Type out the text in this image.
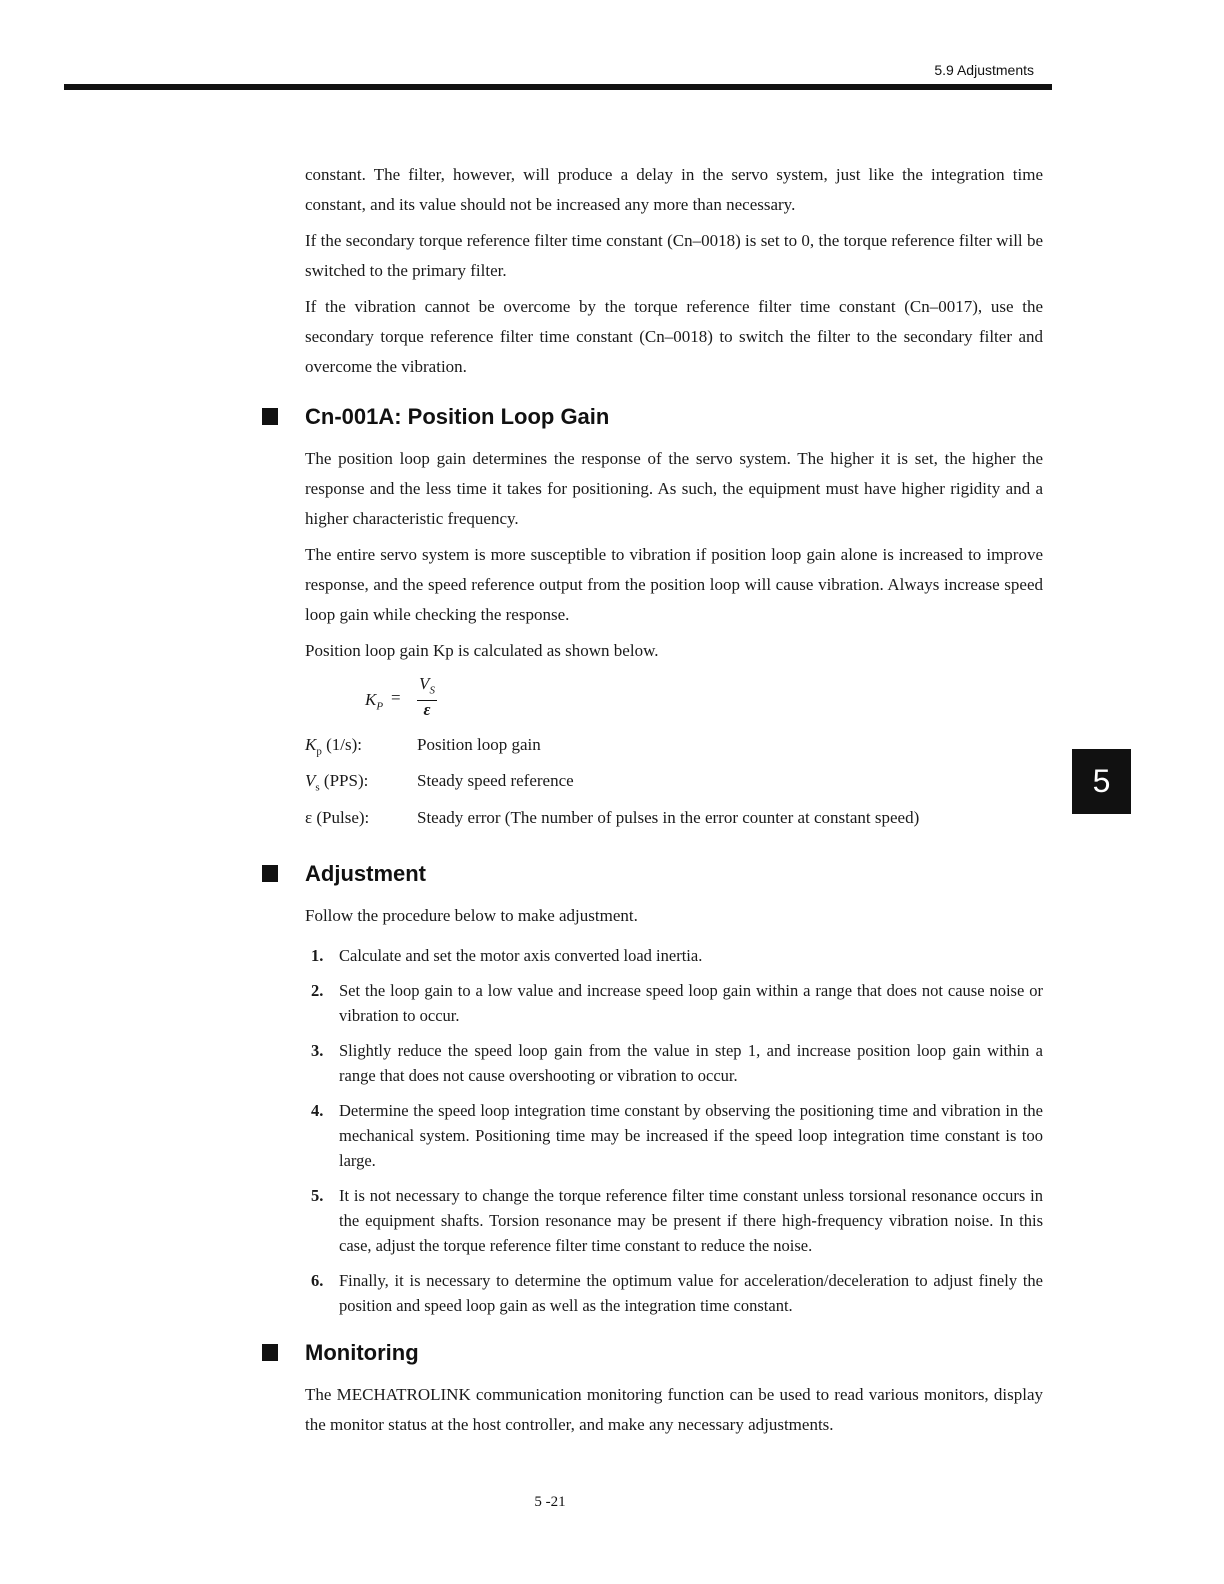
5.9 Adjustments
5

constant. The filter, however, will produce a delay in the servo system, just like the integration time constant, and its value should not be increased any more than necessary.

If the secondary torque reference filter time constant (Cn–0018) is set to 0, the torque reference filter will be switched to the primary filter.

If the vibration cannot be overcome by the torque reference filter time constant (Cn–0017), use the secondary torque reference filter time constant (Cn–0018) to switch the filter to the secondary filter and overcome the vibration.

Cn-001A: Position Loop Gain

The position loop gain determines the response of the servo system. The higher it is set, the higher the response and the less time it takes for positioning. As such, the equipment must have higher rigidity and a higher characteristic frequency.

The entire servo system is more susceptible to vibration if position loop gain alone is increased to improve response, and the speed reference output from the position loop will cause vibration. Always increase speed loop gain while checking the response.

Position loop gain Kp is calculated as shown below.

$K_P$ =
$V_S$
ε
$K_p$ (1/s):	Position loop gain
$V_s$ (PPS):	Steady speed reference
ε (Pulse):	Steady error (The number of pulses in the error counter at constant speed)
Adjustment

Follow the procedure below to make adjustment.

1. Calculate and set the motor axis converted load inertia.
2. Set the loop gain to a low value and increase speed loop gain within a range that does not cause noise or vibration to occur.
3. Slightly reduce the speed loop gain from the value in step 1, and increase position loop gain within a range that does not cause overshooting or vibration to occur.
4. Determine the speed loop integration time constant by observing the positioning time and vibration in the mechanical system. Positioning time may be increased if the speed loop integration time constant is too large.
5. It is not necessary to change the torque reference filter time constant unless torsional resonance occurs in the equipment shafts. Torsion resonance may be present if there high-frequency vibration noise. In this case, adjust the torque reference filter time constant to reduce the noise.
6. Finally, it is necessary to determine the optimum value for acceleration/deceleration to adjust finely the position and speed loop gain as well as the integration time constant.
Monitoring

The MECHATROLINK communication monitoring function can be used to read various monitors, display the monitor status at the host controller, and make any necessary adjustments.

5 -21
